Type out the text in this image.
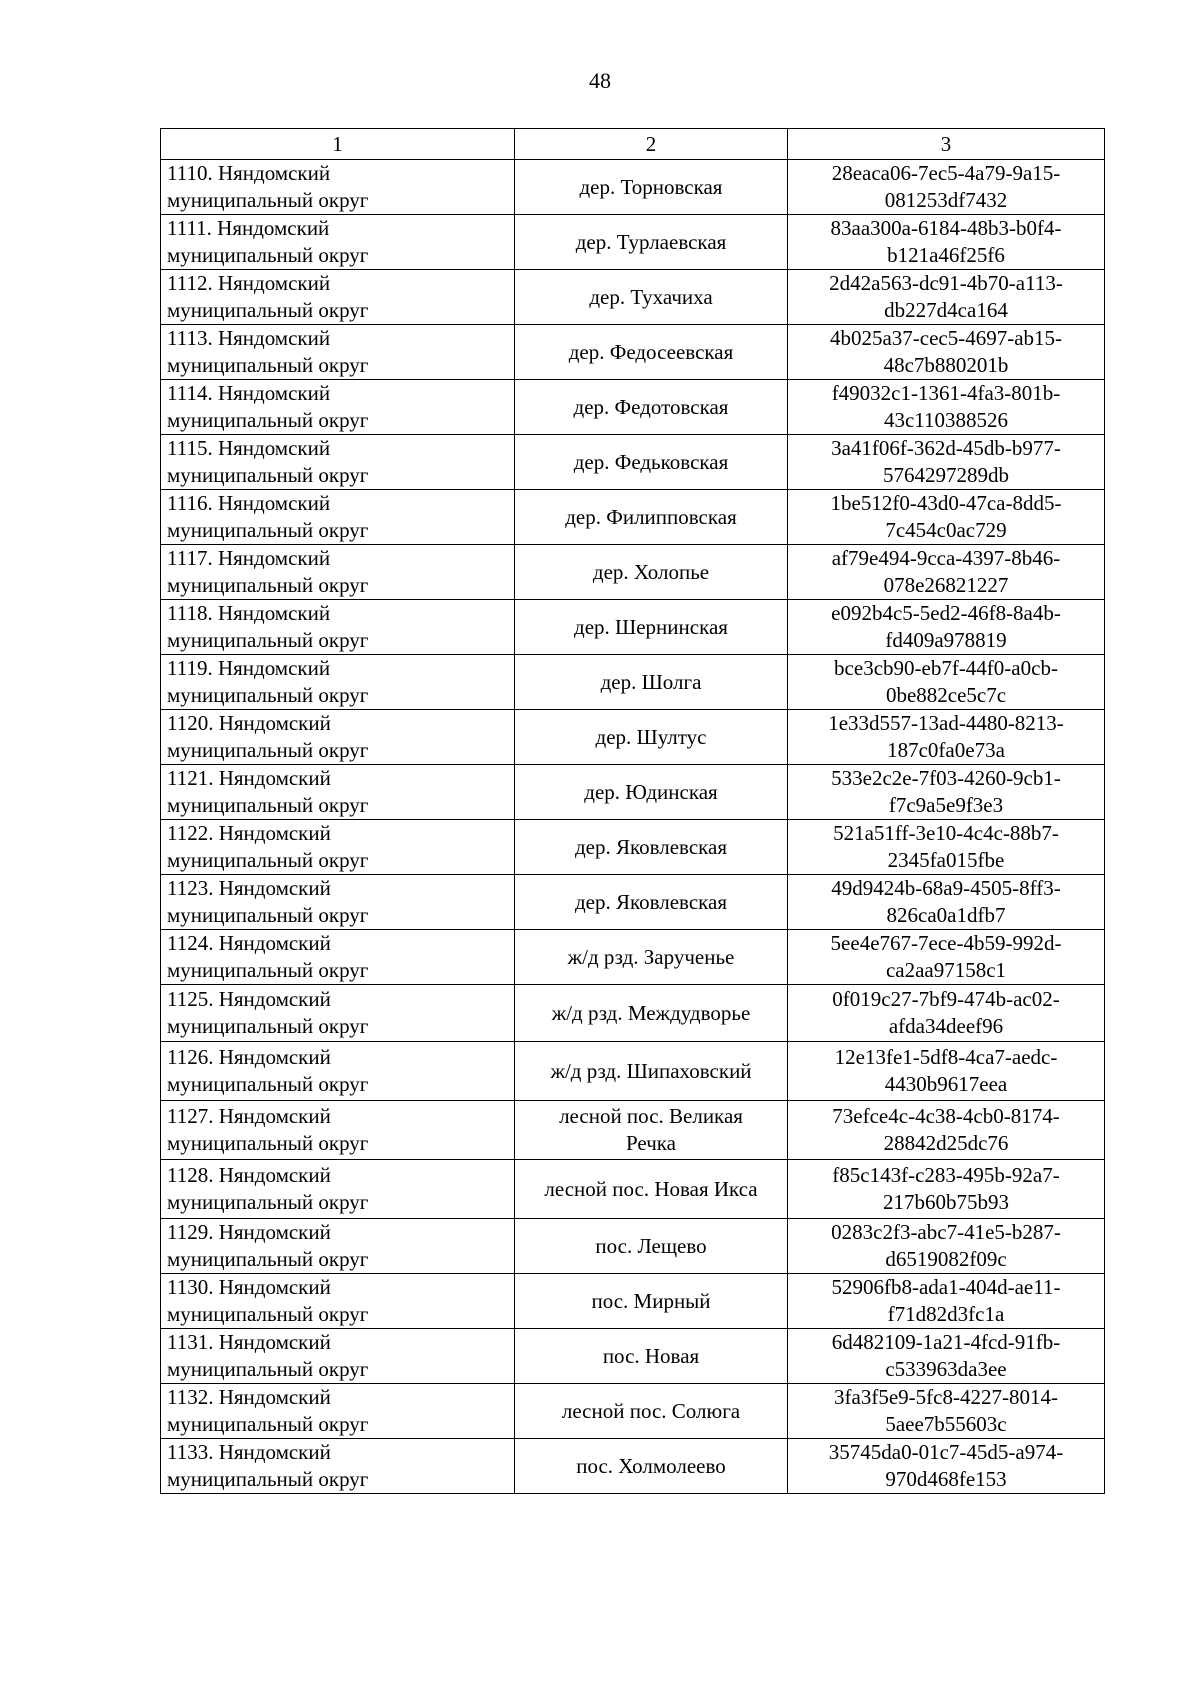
48
1	2	3

1110. Няндомский
муниципальный округ	дер. Торновская	28eaca06-7ec5-4a79-9a15-
081253df7432

1111. Няндомский
муниципальный округ	дер. Турлаевская	83aa300a-6184-48b3-b0f4-
b121a46f25f6

1112. Няндомский
муниципальный округ	дер. Тухачиха	2d42a563-dc91-4b70-a113-
db227d4ca164

1113. Няндомский
муниципальный округ	дер. Федосеевская	4b025a37-cec5-4697-ab15-
48c7b880201b

1114. Няндомский
муниципальный округ	дер. Федотовская	f49032c1-1361-4fa3-801b-
43c110388526

1115. Няндомский
муниципальный округ	дер. Федьковская	3a41f06f-362d-45db-b977-
5764297289db

1116. Няндомский
муниципальный округ	дер. Филипповская	1be512f0-43d0-47ca-8dd5-
7c454c0ac729

1117. Няндомский
муниципальный округ	дер. Холопье	af79e494-9cca-4397-8b46-
078e26821227

1118. Няндомский
муниципальный округ	дер. Шернинская	e092b4c5-5ed2-46f8-8a4b-
fd409a978819

1119. Няндомский
муниципальный округ	дер. Шолга	bce3cb90-eb7f-44f0-a0cb-
0be882ce5c7c

1120. Няндомский
муниципальный округ	дер. Шултус	1e33d557-13ad-4480-8213-
187c0fa0e73a

1121. Няндомский
муниципальный округ	дер. Юдинская	533e2c2e-7f03-4260-9cb1-
f7c9a5e9f3e3

1122. Няндомский
муниципальный округ	дер. Яковлевская	521a51ff-3e10-4c4c-88b7-
2345fa015fbe

1123. Няндомский
муниципальный округ	дер. Яковлевская	49d9424b-68a9-4505-8ff3-
826ca0a1dfb7

1124. Няндомский
муниципальный округ	ж/д рзд. Зарученье	5ee4e767-7ece-4b59-992d-
ca2aa97158c1

1125. Няндомский
муниципальный округ	ж/д рзд. Междудворье	0f019c27-7bf9-474b-ac02-
afda34deef96

1126. Няндомский
муниципальный округ	ж/д рзд. Шипаховский	12e13fe1-5df8-4ca7-aedc-
4430b9617eea

1127. Няндомский
муниципальный округ	лесной пос. Великая
Речка	73efce4c-4c38-4cb0-8174-
28842d25dc76

1128. Няндомский
муниципальный округ	лесной пос. Новая Икса	f85c143f-c283-495b-92a7-
217b60b75b93

1129. Няндомский
муниципальный округ	пос. Лещево	0283c2f3-abc7-41e5-b287-
d6519082f09c

1130. Няндомский
муниципальный округ	пос. Мирный	52906fb8-ada1-404d-ae11-
f71d82d3fc1a

1131. Няндомский
муниципальный округ	пос. Новая	6d482109-1a21-4fcd-91fb-
c533963da3ee

1132. Няндомский
муниципальный округ	лесной пос. Солюга	3fa3f5e9-5fc8-4227-8014-
5aee7b55603c

1133. Няндомский
муниципальный округ	пос. Холмолеево	35745da0-01c7-45d5-a974-
970d468fe153
